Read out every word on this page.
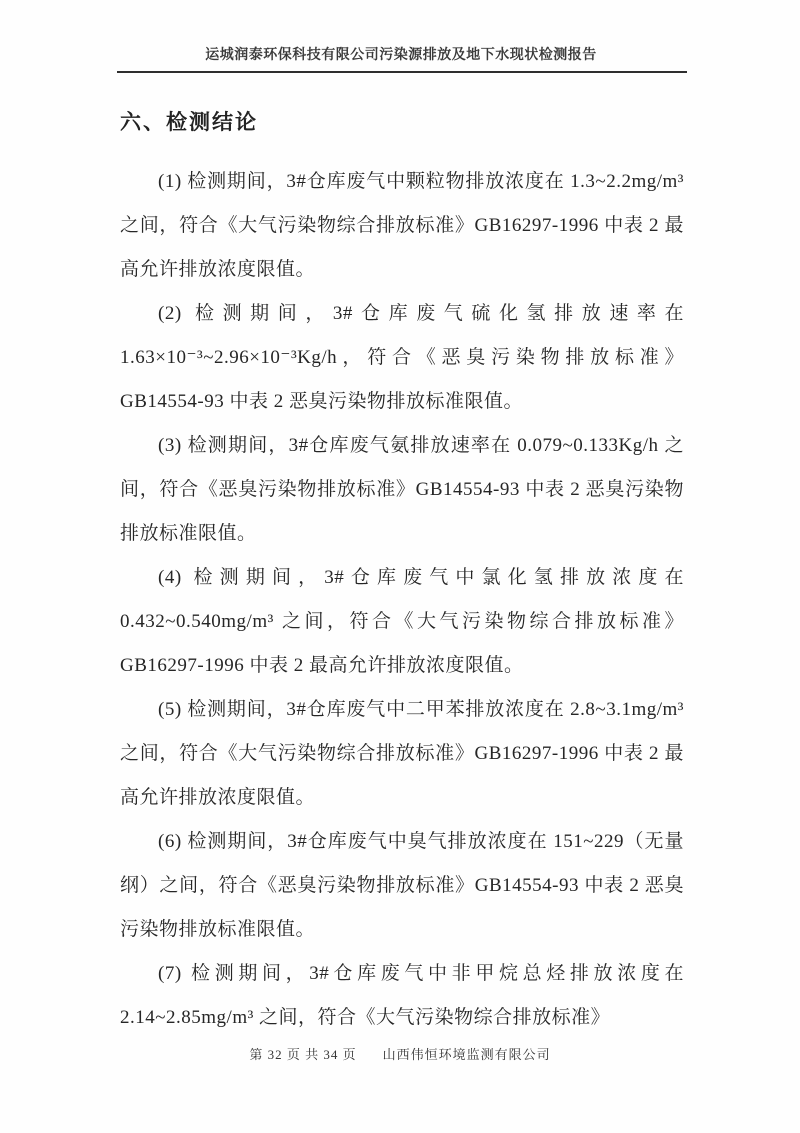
运城润泰环保科技有限公司污染源排放及地下水现状检测报告
六、检测结论

(1) 检测期间，3#仓库废气中颗粒物排放浓度在 1.3~2.2mg/m³ 之间，符合《大气污染物综合排放标准》GB16297-1996 中表 2 最高允许排放浓度限值。

(2) 检测期间，3#仓库废气硫化氢排放速率在 1.63×10⁻³~2.96×10⁻³Kg/h，符合《恶臭污染物排放标准》GB14554-93 中表 2 恶臭污染物排放标准限值。

(3) 检测期间，3#仓库废气氨排放速率在 0.079~0.133Kg/h 之间，符合《恶臭污染物排放标准》GB14554-93 中表 2 恶臭污染物排放标准限值。

(4) 检测期间，3#仓库废气中氯化氢排放浓度在 0.432~0.540mg/m³ 之间，符合《大气污染物综合排放标准》GB16297-1996 中表 2 最高允许排放浓度限值。

(5) 检测期间，3#仓库废气中二甲苯排放浓度在 2.8~3.1mg/m³ 之间，符合《大气污染物综合排放标准》GB16297-1996 中表 2 最高允许排放浓度限值。

(6) 检测期间，3#仓库废气中臭气排放浓度在 151~229（无量纲）之间，符合《恶臭污染物排放标准》GB14554-93 中表 2 恶臭污染物排放标准限值。

(7) 检测期间，3#仓库废气中非甲烷总烃排放浓度在 2.14~2.85mg/m³ 之间，符合《大气污染物综合排放标准》

第 32 页 共 34 页 山西伟恒环境监测有限公司
